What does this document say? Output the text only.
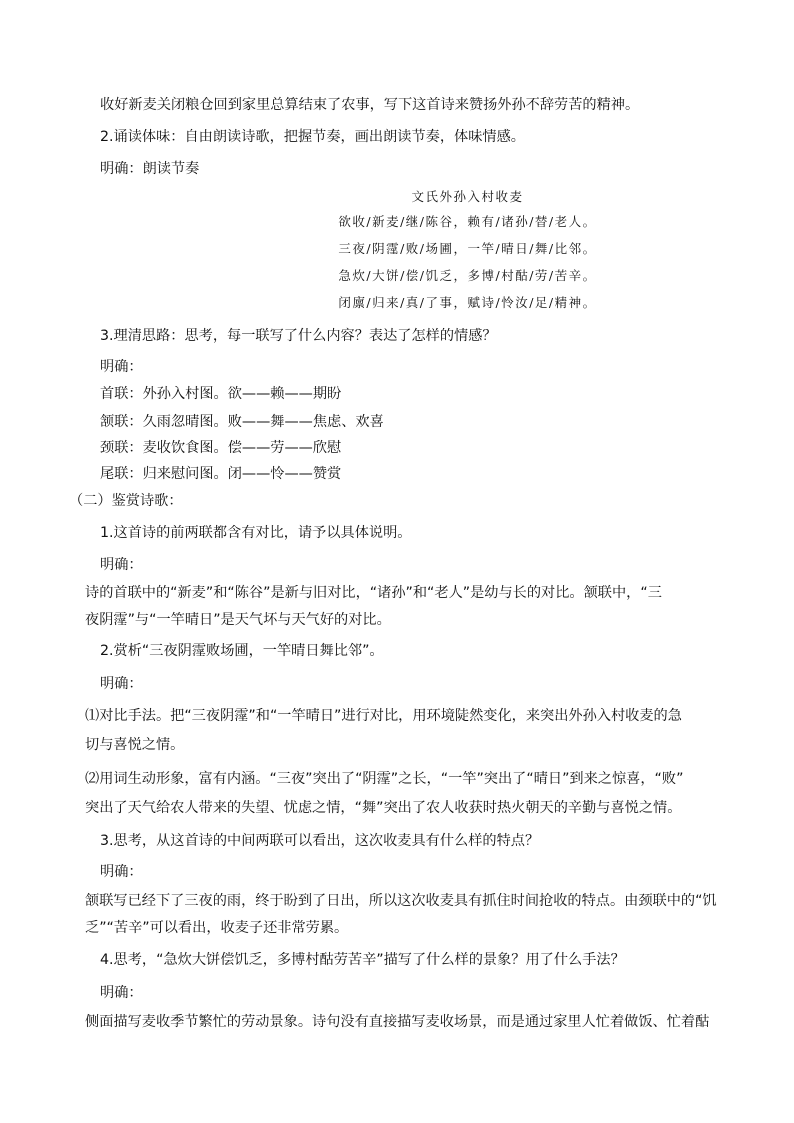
收好新麦关闭粮仓回到家里总算结束了农事，写下这首诗来赞扬外孙不辞劳苦的精神。
2.诵读体味：自由朗读诗歌，把握节奏，画出朗读节奏，体味情感。
明确：朗读节奏
文氏外孙入村收麦
欲收/新麦/继/陈谷，赖有/诸孙/替/老人。
三夜/阴霪/败/场圃，一竿/晴日/舞/比邻。
急炊/大饼/偿/饥乏，多博/村酤/劳/苦辛。
闭廪/归来/真/了事，赋诗/怜汝/足/精神。
3.理清思路：思考，每一联写了什么内容？表达了怎样的情感？
明确：
首联：外孙入村图。欲——赖——期盼
颔联：久雨忽晴图。败——舞——焦虑、欢喜
颈联：麦收饮食图。偿——劳——欣慰
尾联：归来慰问图。闭——怜——赞赏
（二）鉴赏诗歌：
1.这首诗的前两联都含有对比，请予以具体说明。
明确：
诗的首联中的“新麦”和“陈谷”是新与旧对比，“诸孙”和“老人”是幼与长的对比。颔联中，“三
夜阴霪”与“一竿晴日”是天气坏与天气好的对比。
2.赏析“三夜阴霪败场圃，一竿晴日舞比邻”。
明确：
⑴对比手法。把“三夜阴霪”和“一竿晴日”进行对比，用环境陡然变化，来突出外孙入村收麦的急
切与喜悦之情。
⑵用词生动形象，富有内涵。“三夜”突出了“阴霪”之长，“一竿”突出了“晴日”到来之惊喜，“败”
突出了天气给农人带来的失望、忧虑之情，“舞”突出了农人收获时热火朝天的辛勤与喜悦之情。
3.思考，从这首诗的中间两联可以看出，这次收麦具有什么样的特点？
明确：
颔联写已经下了三夜的雨，终于盼到了日出，所以这次收麦具有抓住时间抢收的特点。由颈联中的“饥
乏”“苦辛”可以看出，收麦子还非常劳累。
4.思考，“急炊大饼偿饥乏，多博村酤劳苦辛”描写了什么样的景象？用了什么手法？
明确：
侧面描写麦收季节繁忙的劳动景象。诗句没有直接描写麦收场景，而是通过家里人忙着做饭、忙着酤
